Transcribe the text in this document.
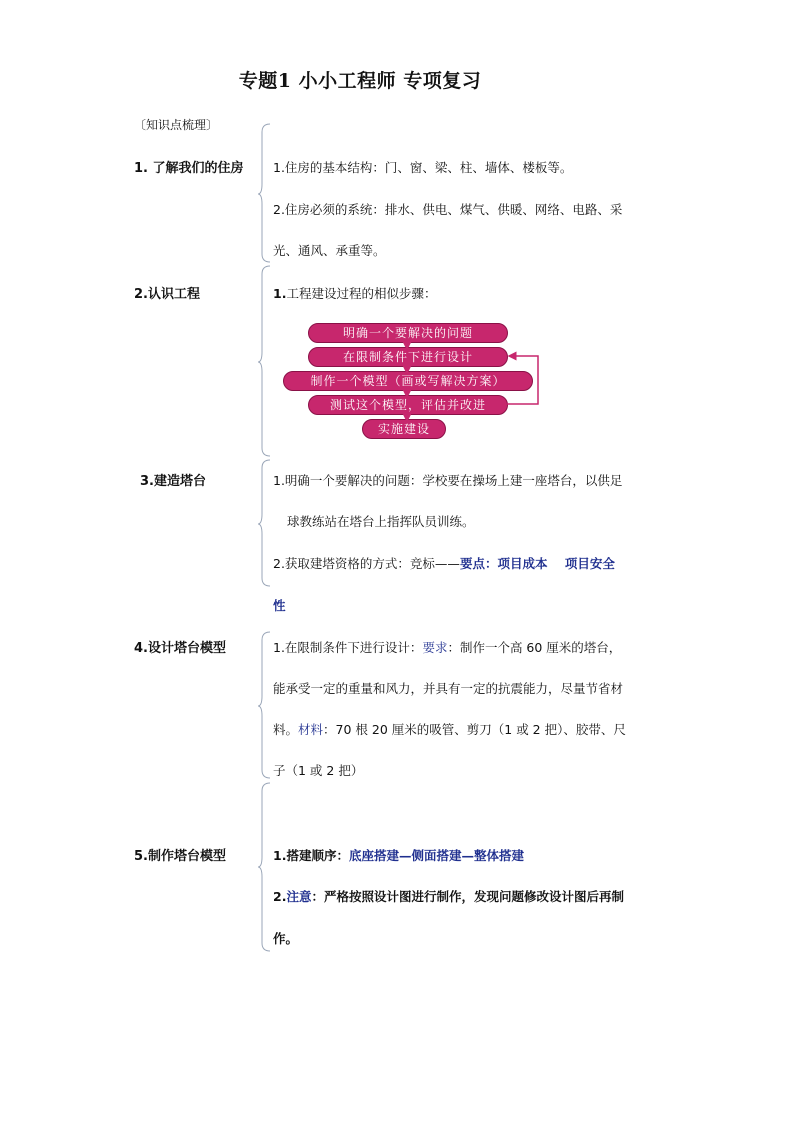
专题1 小小工程师 专项复习
〔知识点梳理〕
1. 了解我们的住房 1.住房的基本结构：门、窗、梁、柱、墙体、楼板等。
2.住房必须的系统：排水、供电、煤气、供暖、网络、电路、采
光、通风、承重等。
2.认识工程	1.工程建设过程的相似步骤：
明确一个要解决的问题
在限制条件下进行设计
制作一个模型（画或写解决方案）
测试这个模型，评估并改进
实施建设
3.建造塔台	1.明确一个要解决的问题：学校要在操场上建一座塔台，以供足
球教练站在塔台上指挥队员训练。
2.获取建塔资格的方式：竞标——要点：项目成本    项目安全
性
4.设计塔台模型	1.在限制条件下进行设计：要求：制作一个高 60 厘米的塔台，
能承受一定的重量和风力，并具有一定的抗震能力，尽量节省材
料。材料：70 根 20 厘米的吸管、剪刀（1 或 2 把）、胶带、尺
子（1 或 2 把）
5.制作塔台模型	1.搭建顺序：底座搭建—侧面搭建—整体搭建
2.注意：严格按照设计图进行制作，发现问题修改设计图后再制
作。
